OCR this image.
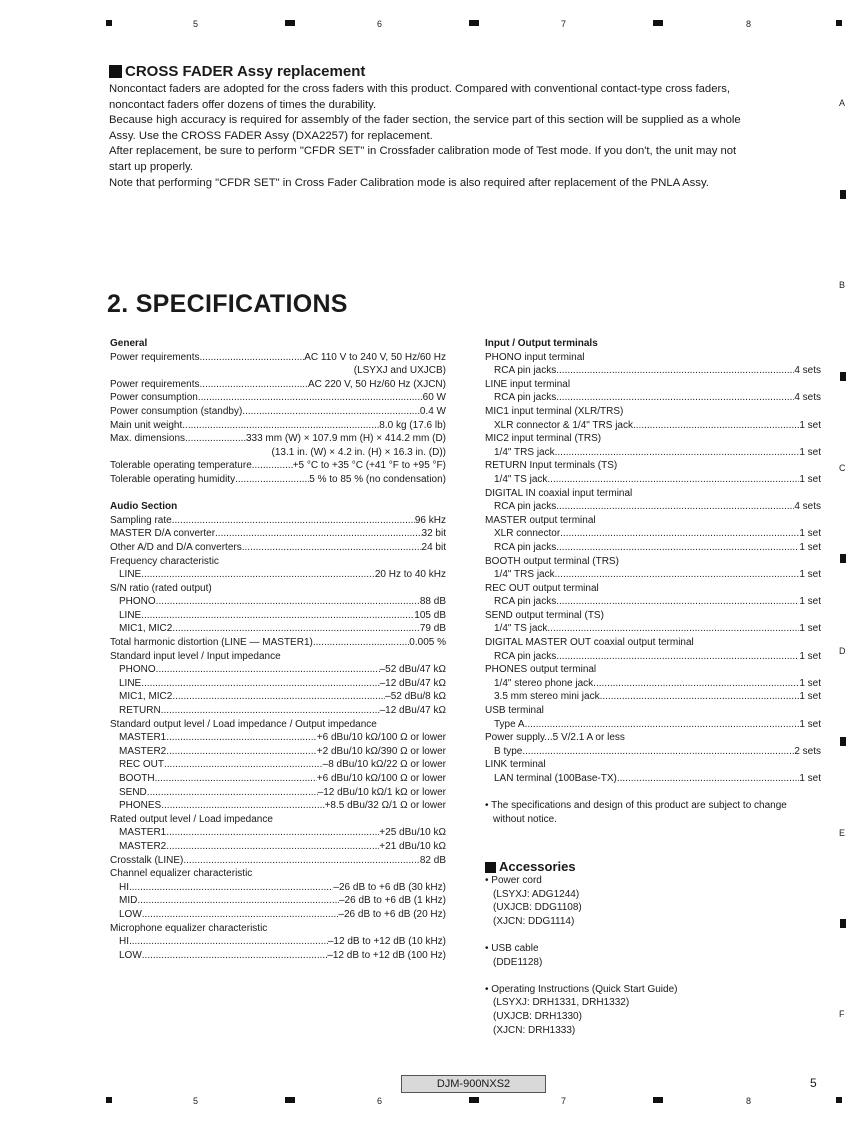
5	6	7	8
5	6	7	8
A
B
C
D
E
F
CROSS FADER Assy replacement
Noncontact faders are adopted for the cross faders with this product. Compared with conventional contact-type cross faders,
noncontact faders offer dozens of times the durability.
Because high accuracy is required for assembly of the fader section, the service part of this section will be supplied as a whole
Assy. Use the CROSS FADER Assy (DXA2257) for replacement.
After replacement, be sure to perform "CFDR SET" in Crossfader calibration mode of Test mode. If you don't, the unit may not
start up properly.
Note that performing "CFDR SET" in Cross Fader Calibration mode is also required after replacement of the PNLA Assy.
2. SPECIFICATIONS
General
Power requirements .....	AC 110 V to 240 V, 50 Hz/60 Hz
(LSYXJ and UXJCB)
Power requirements .....	AC 220 V, 50 Hz/60 Hz (XJCN)
Power consumption .....	60 W
Power consumption (standby) .....	0.4 W
Main unit weight .....	8.0 kg (17.6 lb)
Max. dimensions .....	333 mm (W) × 107.9 mm (H) × 414.2 mm (D)
(13.1 in. (W) × 4.2 in. (H) × 16.3 in. (D))
Tolerable operating temperature .....	+5 °C to +35 °C (+41 °F to +95 °F)
Tolerable operating humidity .....	5 % to 85 % (no condensation)
Audio Section
Sampling rate .....	96 kHz
MASTER D/A converter .....	32 bit
Other A/D and D/A converters .....	24 bit
Frequency characteristic
LINE .....	20 Hz to 40 kHz
S/N ratio (rated output)
PHONO .....	88 dB
LINE .....	105 dB
MIC1, MIC2 .....	79 dB
Total harmonic distortion (LINE — MASTER1) .....	0.005 %
Standard input level / Input impedance
PHONO .....	–52 dBu/47 kΩ
LINE .....	–12 dBu/47 kΩ
MIC1, MIC2 .....	–52 dBu/8 kΩ
RETURN .....	–12 dBu/47 kΩ
Standard output level / Load impedance / Output impedance
MASTER1 .....	+6 dBu/10 kΩ/100 Ω or lower
MASTER2 .....	+2 dBu/10 kΩ/390 Ω or lower
REC OUT .....	–8 dBu/10 kΩ/22 Ω or lower
BOOTH .....	+6 dBu/10 kΩ/100 Ω or lower
SEND .....	–12 dBu/10 kΩ/1 kΩ or lower
PHONES .....	+8.5 dBu/32 Ω/1 Ω or lower
Rated output level / Load impedance
MASTER1 .....	+25 dBu/10 kΩ
MASTER2 .....	+21 dBu/10 kΩ
Crosstalk (LINE) .....	82 dB
Channel equalizer characteristic
HI .....	–26 dB to +6 dB (30 kHz)
MID .....	–26 dB to +6 dB (1 kHz)
LOW .....	–26 dB to +6 dB (20 Hz)
Microphone equalizer characteristic
HI .....	–12 dB to +12 dB (10 kHz)
LOW .....	–12 dB to +12 dB (100 Hz)
Input / Output terminals
PHONO input terminal
RCA pin jacks .....	4 sets
LINE input terminal
RCA pin jacks .....	4 sets
MIC1 input terminal (XLR/TRS)
XLR connector & 1/4" TRS jack .....	1 set
MIC2 input terminal (TRS)
1/4" TRS jack .....	1 set
RETURN Input terminals (TS)
1/4" TS jack .....	1 set
DIGITAL IN coaxial input terminal
RCA pin jacks .....	4 sets
MASTER output terminal
XLR connector .....	1 set
RCA pin jacks .....	1 set
BOOTH output terminal (TRS)
1/4" TRS jack .....	1 set
REC OUT output terminal
RCA pin jacks .....	1 set
SEND output terminal (TS)
1/4" TS jack .....	1 set
DIGITAL MASTER OUT coaxial output terminal
RCA pin jacks .....	1 set
PHONES output terminal
1/4" stereo phone jack .....	1 set
3.5 mm stereo mini jack .....	1 set
USB terminal
Type A .....	1 set
Power supply...5 V/2.1 A or less
B type .....	2 sets
LINK terminal
LAN terminal (100Base-TX) .....	1 set
• The specifications and design of this product are subject to change without notice.
Accessories
• Power cord
(LSYXJ: ADG1244)
(UXJCB: DDG1108)
(XJCN: DDG1114)
• USB cable
(DDE1128)
• Operating Instructions (Quick Start Guide)
(LSYXJ: DRH1331, DRH1332)
(UXJCB: DRH1330)
(XJCN: DRH1333)
DJM-900NXS2	5
